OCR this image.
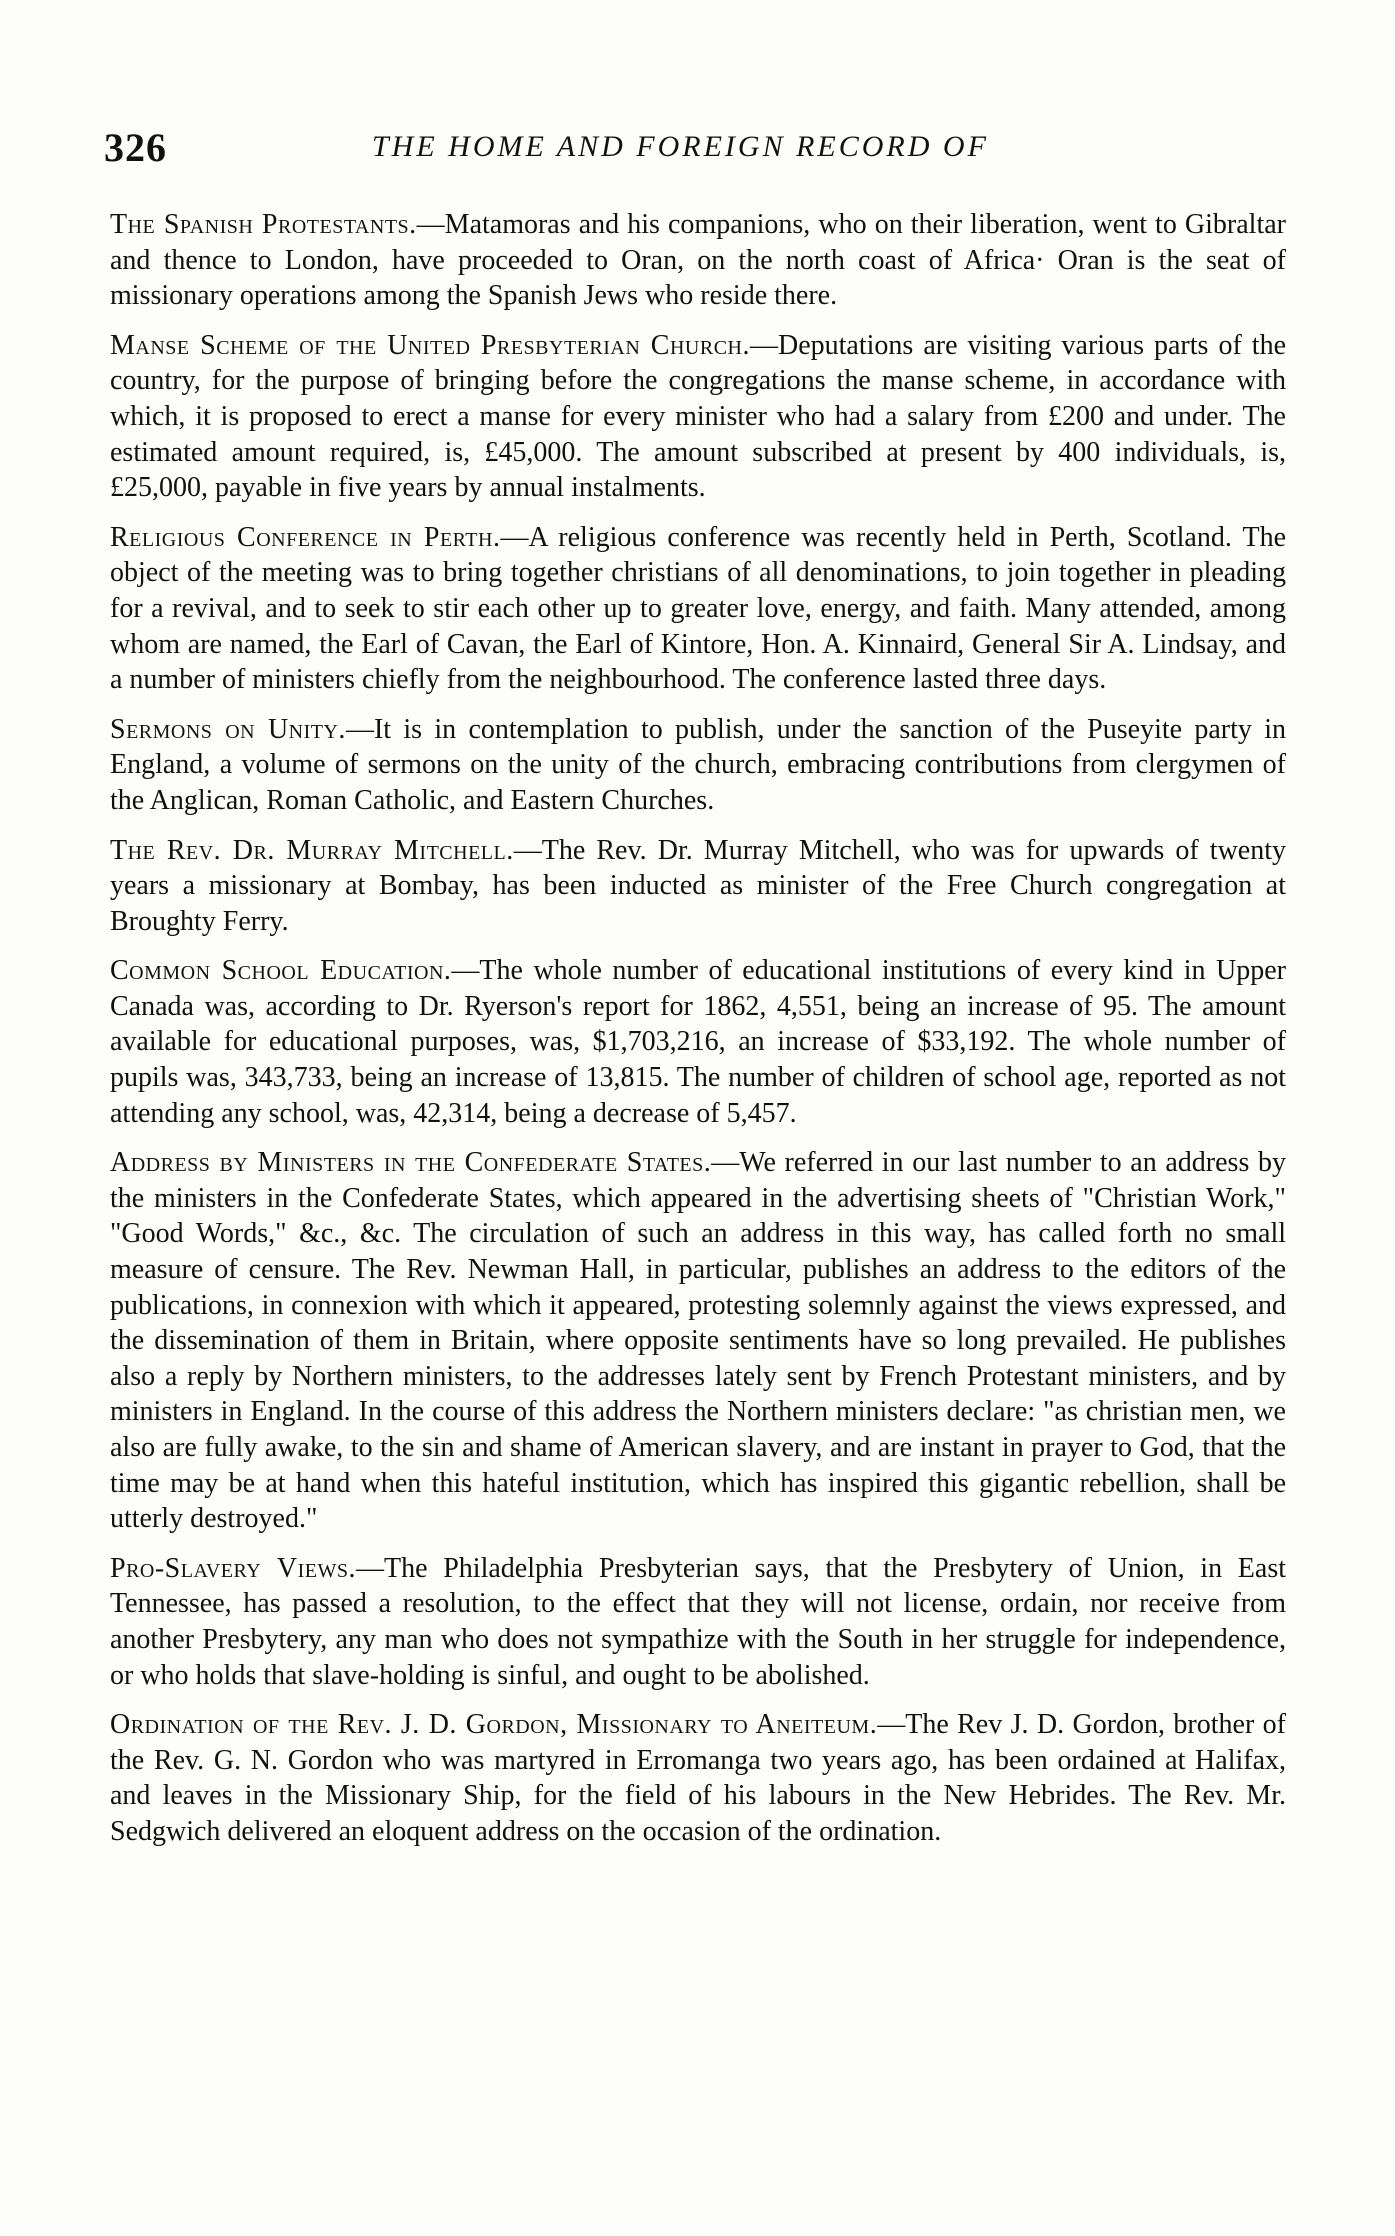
326	THE HOME AND FOREIGN RECORD OF

The Spanish Protestants.—Matamoras and his companions, who on their liberation, went to Gibraltar and thence to London, have proceeded to Oran, on the north coast of Africa· Oran is the seat of missionary operations among the Spanish Jews who reside there.

Manse Scheme of the United Presbyterian Church.—Deputations are visiting various parts of the country, for the purpose of bringing before the congregations the manse scheme, in accordance with which, it is proposed to erect a manse for every minister who had a salary from £200 and under. The estimated amount required, is, £45,000. The amount subscribed at present by 400 individuals, is, £25,000, payable in five years by annual instalments.

Religious Conference in Perth.—A religious conference was recently held in Perth, Scotland. The object of the meeting was to bring together christians of all denominations, to join together in pleading for a revival, and to seek to stir each other up to greater love, energy, and faith. Many attended, among whom are named, the Earl of Cavan, the Earl of Kintore, Hon. A. Kinnaird, General Sir A. Lindsay, and a number of ministers chiefly from the neighbourhood. The conference lasted three days.

Sermons on Unity.—It is in contemplation to publish, under the sanction of the Puseyite party in England, a volume of sermons on the unity of the church, embracing contributions from clergymen of the Anglican, Roman Catholic, and Eastern Churches.

The Rev. Dr. Murray Mitchell.—The Rev. Dr. Murray Mitchell, who was for upwards of twenty years a missionary at Bombay, has been inducted as minister of the Free Church congregation at Broughty Ferry.

Common School Education.—The whole number of educational institutions of every kind in Upper Canada was, according to Dr. Ryerson's report for 1862, 4,551, being an increase of 95. The amount available for educational purposes, was, $1,703,216, an increase of $33,192. The whole number of pupils was, 343,733, being an increase of 13,815. The number of children of school age, reported as not attending any school, was, 42,314, being a decrease of 5,457.

Address by Ministers in the Confederate States.—We referred in our last number to an address by the ministers in the Confederate States, which appeared in the advertising sheets of "Christian Work," "Good Words," &c., &c. The circulation of such an address in this way, has called forth no small measure of censure. The Rev. Newman Hall, in particular, publishes an address to the editors of the publications, in connexion with which it appeared, protesting solemnly against the views expressed, and the dissemination of them in Britain, where opposite sentiments have so long prevailed. He publishes also a reply by Northern ministers, to the addresses lately sent by French Protestant ministers, and by ministers in England. In the course of this address the Northern ministers declare: "as christian men, we also are fully awake, to the sin and shame of American slavery, and are instant in prayer to God, that the time may be at hand when this hateful institution, which has inspired this gigantic rebellion, shall be utterly destroyed."

Pro-Slavery Views.—The Philadelphia Presbyterian says, that the Presbytery of Union, in East Tennessee, has passed a resolution, to the effect that they will not license, ordain, nor receive from another Presbytery, any man who does not sympathize with the South in her struggle for independence, or who holds that slave-holding is sinful, and ought to be abolished.

Ordination of the Rev. J. D. Gordon, Missionary to Aneiteum.—The Rev J. D. Gordon, brother of the Rev. G. N. Gordon who was martyred in Erromanga two years ago, has been ordained at Halifax, and leaves in the Missionary Ship, for the field of his labours in the New Hebrides. The Rev. Mr. Sedgwich delivered an eloquent address on the occasion of the ordination.
